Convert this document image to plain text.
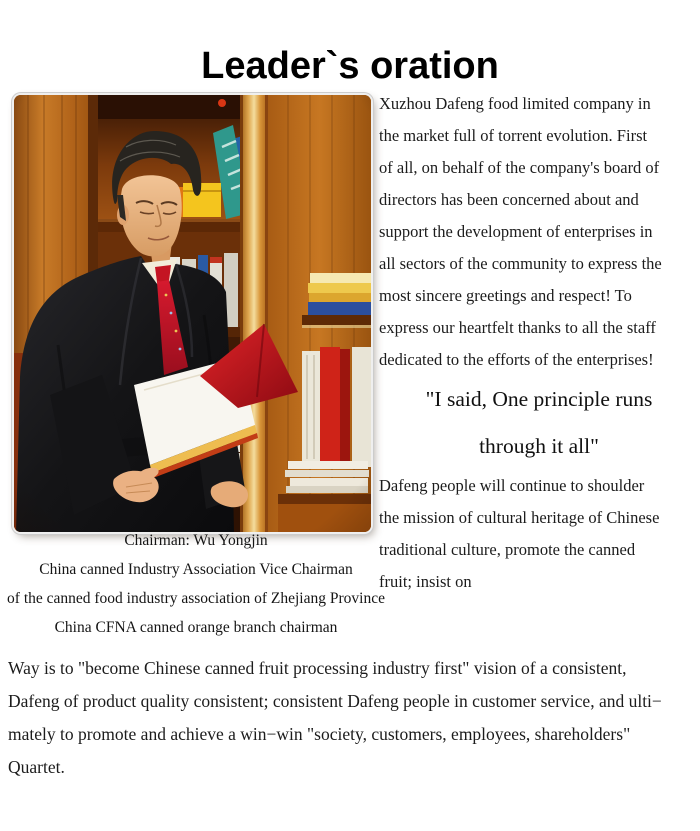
Leader`s oration
Xuzhou Dafeng food limited company in
the market full of torrent evolution. First
of all, on behalf of the company's board of
directors has been concerned about and
support the development of enterprises in
all sectors of the community to express the
most sincere greetings and respect! To
express our heartfelt thanks to all the staff
dedicated to the efforts of the enterprises!
"I said, One principle runs
through it all"
Dafeng people will continue to shoulder
the mission of cultural heritage of Chinese
traditional culture, promote the canned
fruit; insist on
Chairman: Wu Yongjin
China canned Industry Association Vice Chairman
of the canned food industry association of Zhejiang Province
China CFNA canned orange branch chairman
Way is to "become Chinese canned fruit processing industry first" vision of a consistent,
Dafeng of product quality consistent; consistent Dafeng people in customer service, and ulti−
mately to promote and achieve a win−win "society, customers, employees, shareholders"
Quartet.
